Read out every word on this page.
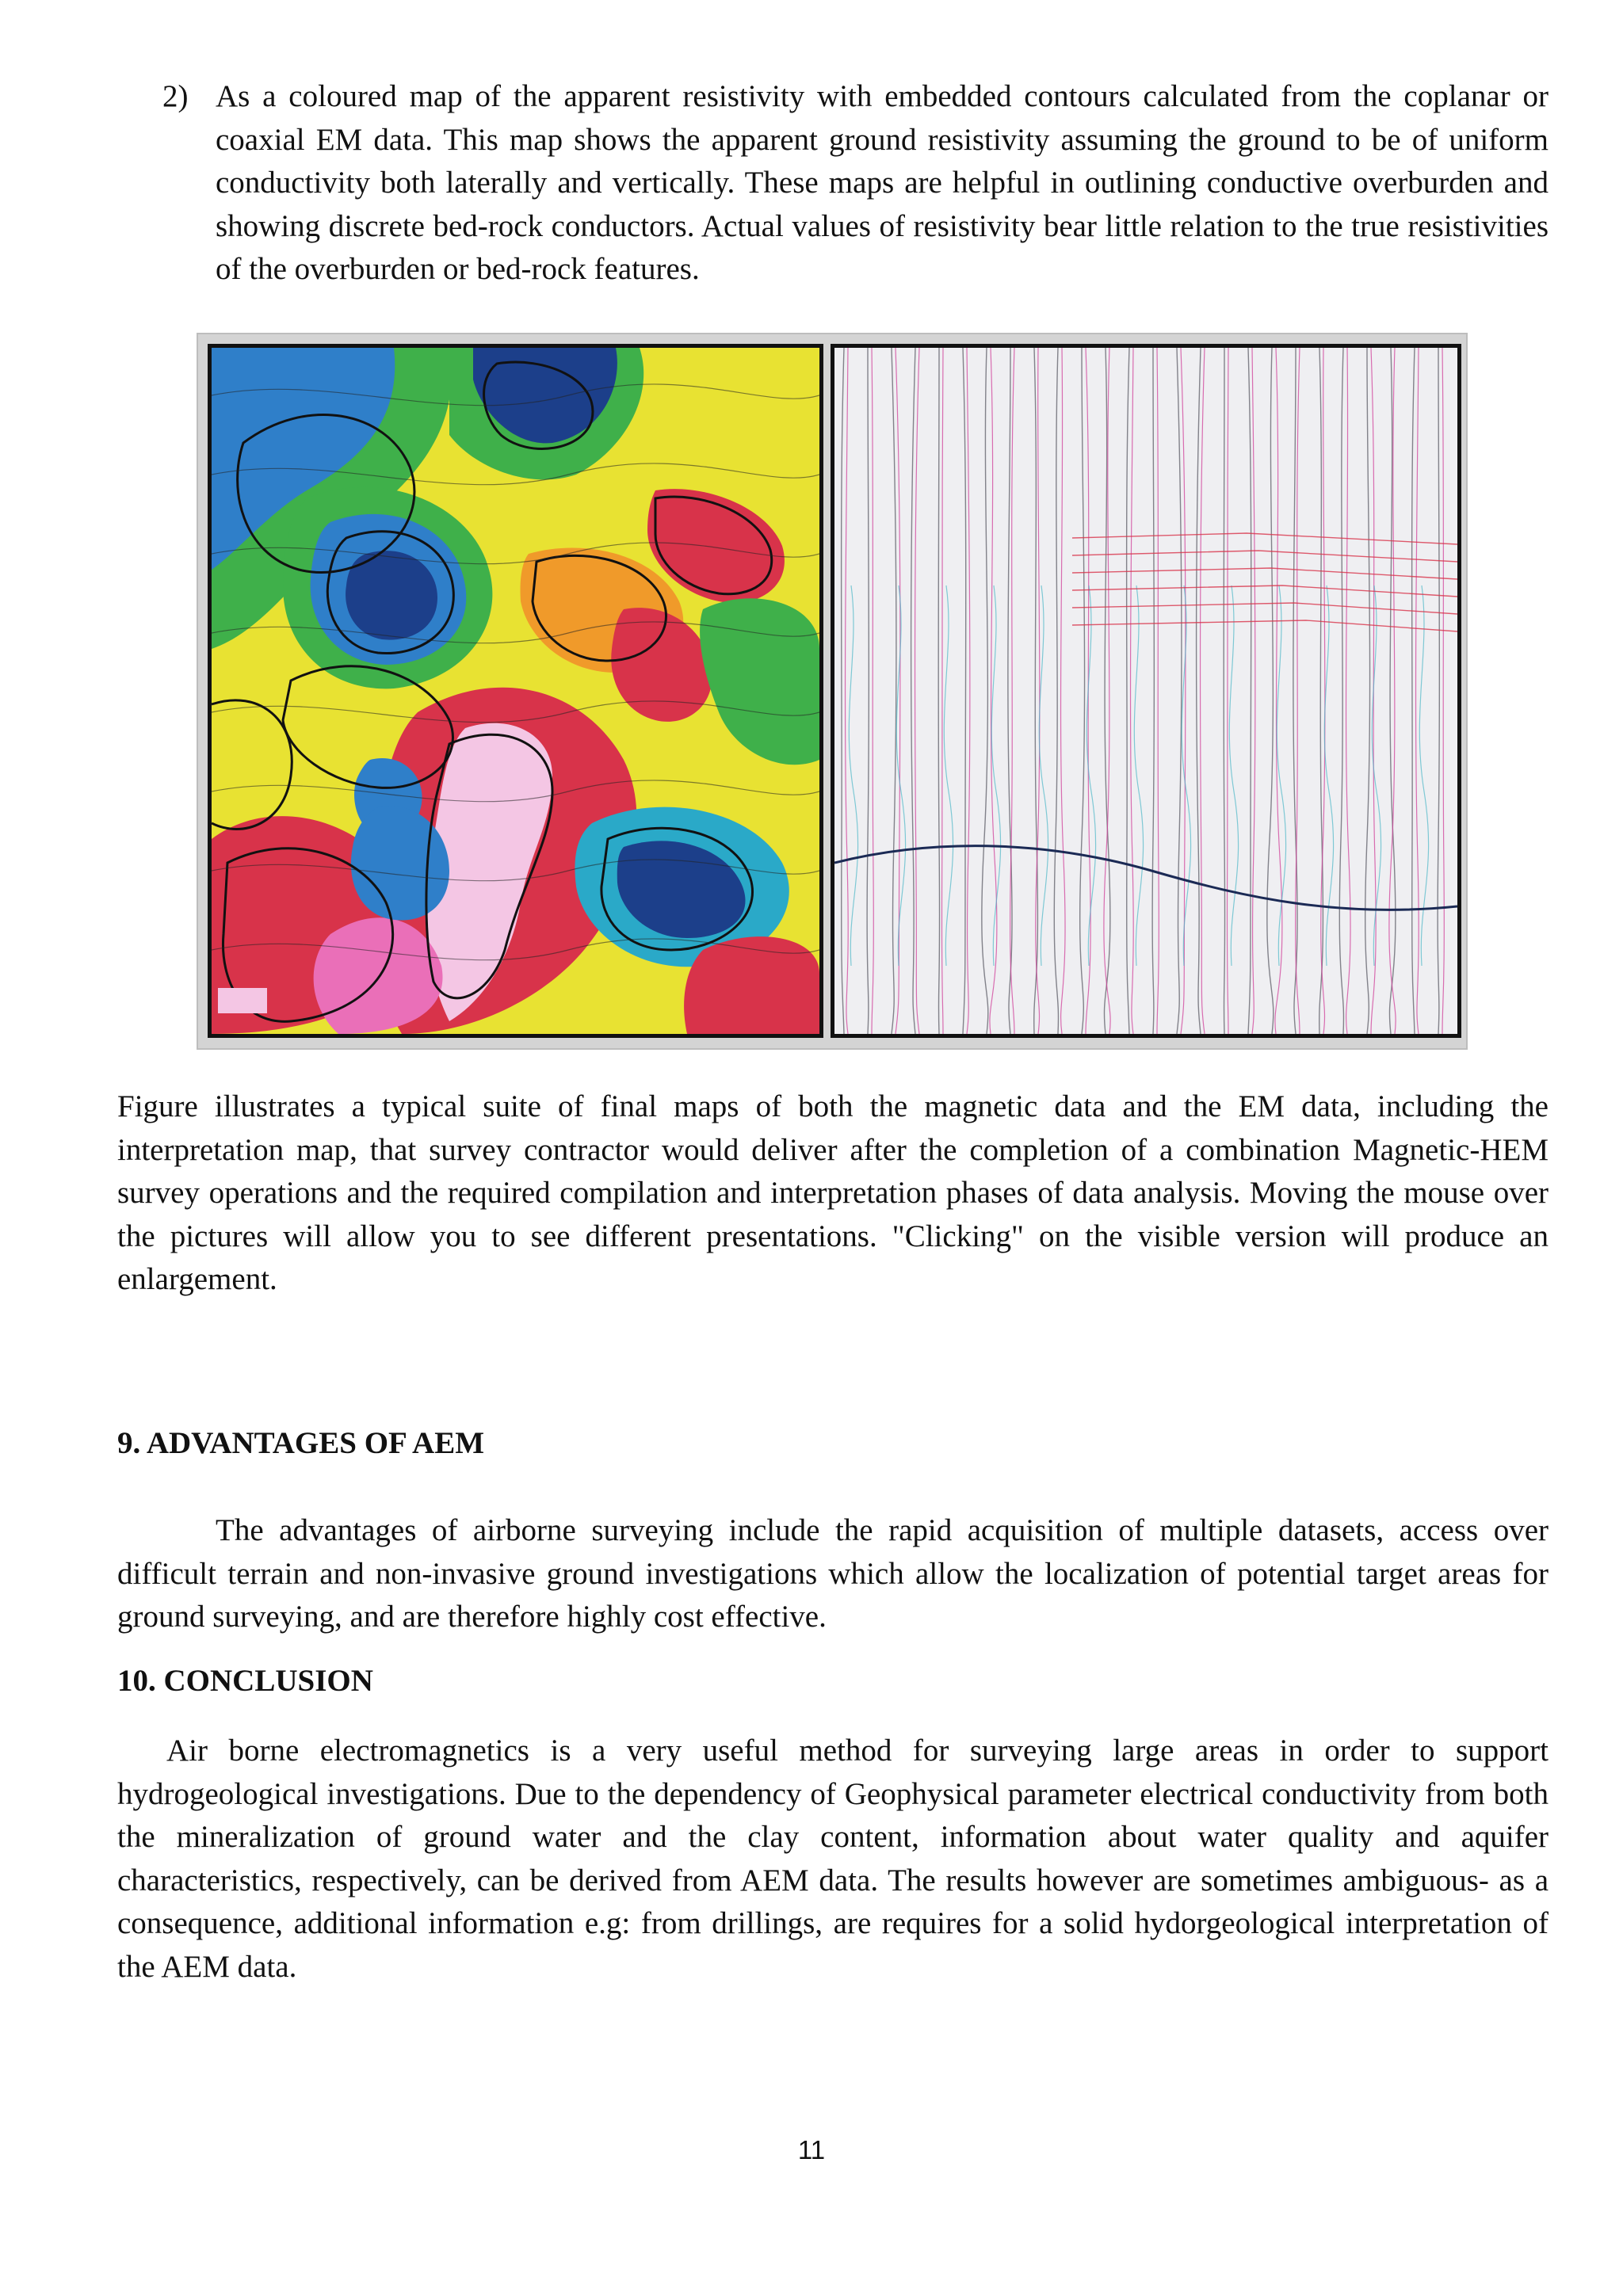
2) As a coloured map of the apparent resistivity with embedded contours calculated from the coplanar or coaxial EM data. This map shows the apparent ground resistivity assuming the ground to be of uniform conductivity both laterally and vertically. These maps are helpful in outlining conductive overburden and showing discrete bed-rock conductors. Actual values of resistivity bear little relation to the true resistivities of the overburden or bed-rock features.
Figure illustrates a typical suite of final maps of both the magnetic data and the EM data, including the interpretation map, that survey contractor would deliver after the completion of a combination Magnetic-HEM survey operations and the required compilation and interpretation phases of data analysis. Moving the mouse over the pictures will allow you to see different presentations. "Clicking" on the visible version will produce an enlargement.
9. ADVANTAGES OF AEM
The advantages of airborne surveying include the rapid acquisition of multiple datasets, access over difficult terrain and non-invasive ground investigations which allow the localization of potential target areas for ground surveying, and are therefore highly cost effective.
10. CONCLUSION
Air borne electromagnetics is a very useful method for surveying large areas in order to support hydrogeological investigations. Due to the dependency of Geophysical parameter electrical conductivity from both the mineralization of ground water and the clay content, information about water quality and aquifer characteristics, respectively, can be derived from AEM data. The results however are sometimes ambiguous- as a consequence, additional information e.g: from drillings, are requires for a solid hydorgeological interpretation of the AEM data.
11
